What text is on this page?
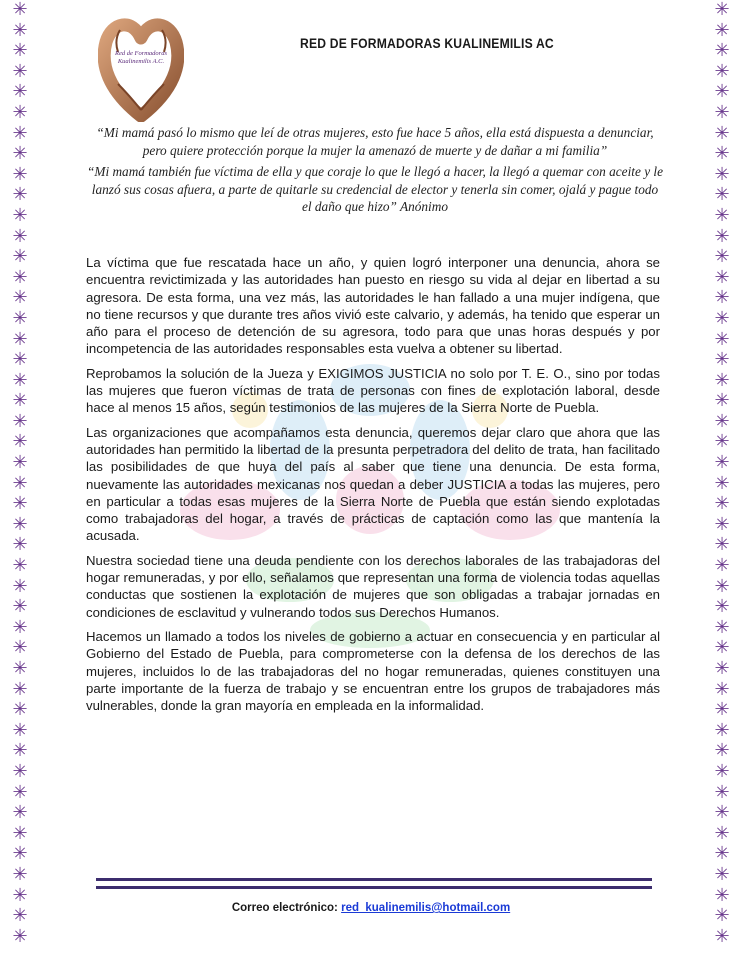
✳
✳
✳
✳
✳
✳
✳
✳
✳
✳
✳
✳
✳
✳
✳
✳
✳
✳
✳
✳
✳
✳
✳
✳
✳
✳
✳
✳
✳
✳
✳
✳
✳
✳
✳
✳
✳
✳
✳
✳
✳
✳
✳
✳
✳
✳
✳
✳
✳
✳
✳
✳
✳
✳
✳
✳
✳
✳
✳
✳
✳
✳
✳
✳
✳
✳
✳
✳
✳
✳
✳
✳
✳
✳
✳
✳
✳
✳
✳
✳
✳
✳
✳
✳
✳
✳
✳
✳
✳
✳
✳
✳
Red de Formadoras
Kualinemilis A.C.
RED DE FORMADORAS KUALINEMILIS AC

“Mi mamá pasó lo mismo que leí de otras mujeres, esto fue hace 5 años, ella está dispuesta a denunciar, pero quiere protección porque la mujer la amenazó de muerte y de dañar a mi familia”

“Mi mamá también fue víctima de ella y que coraje lo que le llegó a hacer, la llegó a quemar con aceite y le lanzó sus cosas afuera, a parte de quitarle su credencial de elector y tenerla sin comer, ojalá y pague todo el daño que hizo” Anónimo

La víctima que fue rescatada hace un año, y quien logró interponer una denuncia, ahora se encuentra revictimizada y las autoridades han puesto en riesgo su vida al dejar en libertad a su agresora. De esta forma, una vez más, las autoridades le han fallado a una mujer indígena, que no tiene recursos y que durante tres años vivió este calvario, y además, ha tenido que esperar un año para el proceso de detención de su agresora, todo para que unas horas después y por incompetencia de las autoridades responsables esta vuelva a obtener su libertad.

Reprobamos la solución de la Jueza y EXIGIMOS JUSTICIA no solo por T. E. O., sino por todas las mujeres que fueron víctimas de trata de personas con fines de explotación laboral, desde hace al menos 15 años, según testimonios de las mujeres de la Sierra Norte de Puebla.

Las organizaciones que acompañamos esta denuncia, queremos dejar claro que ahora que las autoridades han permitido la libertad de la presunta perpetradora del delito de trata, han facilitado las posibilidades de que huya del país al saber que tiene una denuncia. De esta forma, nuevamente las autoridades mexicanas nos quedan a deber JUSTICIA a todas las mujeres, pero en particular a todas esas mujeres de la Sierra Norte de Puebla que están siendo explotadas como trabajadoras del hogar, a través de prácticas de captación como las que mantenía la acusada.

Nuestra sociedad tiene una deuda pendiente con los derechos laborales de las trabajadoras del hogar remuneradas, y por ello, señalamos que representan una forma de violencia todas aquellas conductas que sostienen la explotación de mujeres que son obligadas a trabajar jornadas en condiciones de esclavitud y vulnerando todos sus Derechos Humanos.

Hacemos un llamado a todos los niveles de gobierno a actuar en consecuencia y en particular al Gobierno del Estado de Puebla, para comprometerse con la defensa de los derechos de las mujeres, incluidos lo de las trabajadoras del no hogar remuneradas, quienes constituyen una parte importante de la fuerza de trabajo y se encuentran entre los grupos de trabajadores más vulnerables, donde la gran mayoría en empleada en la informalidad.

Correo electrónico: red_kualinemilis@hotmail.com
